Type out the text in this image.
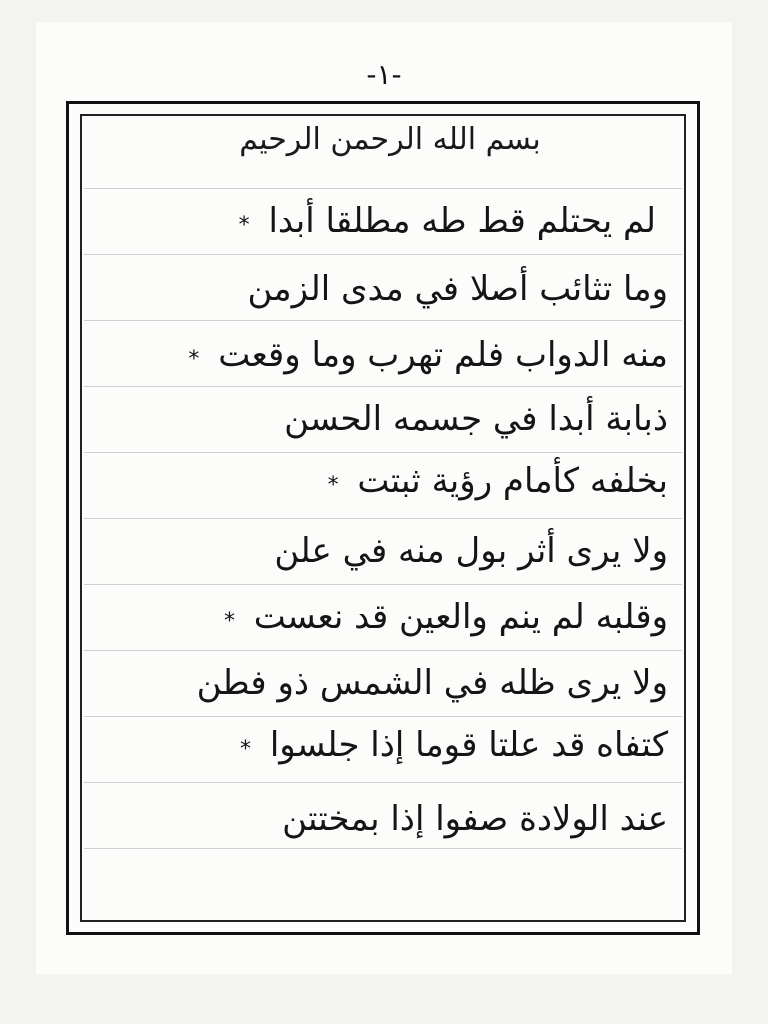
-١-
بسم الله الرحمن الرحيم
لم يحتلم قط طه مطلقا أبدا *
وما تثائب أصلا في مدى الزمن
منه الدواب فلم تهرب وما وقعت *
ذبابة أبدا في جسمه الحسن
بخلفه كأمام رؤية ثبتت *
ولا يرى أثر بول منه في علن
وقلبه لم ينم والعين قد نعست *
ولا يرى ظله في الشمس ذو فطن
كتفاه قد علتا قوما إذا جلسوا *
عند الولادة صفوا إذا بمختتن
